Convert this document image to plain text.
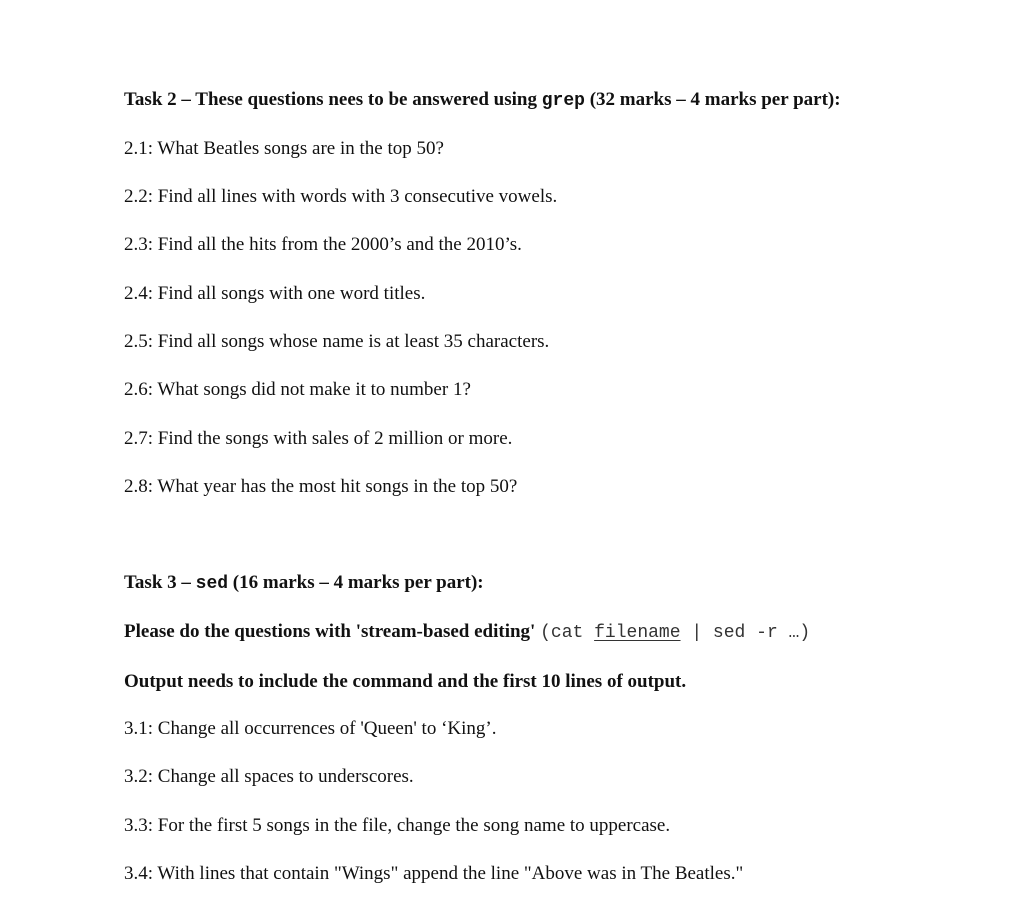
Task 2 – These questions nees to be answered using grep (32 marks – 4 marks per part):
2.1: What Beatles songs are in the top 50?
2.2: Find all lines with words with 3 consecutive vowels.
2.3: Find all the hits from the 2000’s and the 2010’s.
2.4: Find all songs with one word titles.
2.5: Find all songs whose name is at least 35 characters.
2.6: What songs did not make it to number 1?
2.7: Find the songs with sales of 2 million or more.
2.8: What year has the most hit songs in the top 50?
Task 3 – sed (16 marks – 4 marks per part):
Please do the questions with 'stream-based editing' (cat filename | sed -r …)
Output needs to include the command and the first 10 lines of output.
3.1: Change all occurrences of 'Queen' to ‘King’.
3.2: Change all spaces to underscores.
3.3: For the first 5 songs in the file, change the song name to uppercase.
3.4: With lines that contain "Wings" append the line "Above was in The Beatles."
